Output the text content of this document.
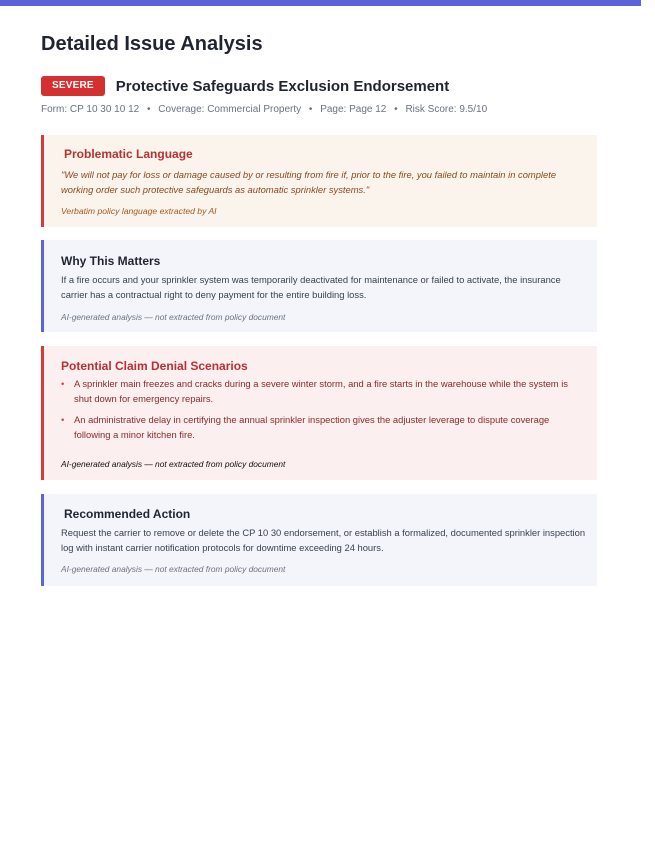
Detailed Issue Analysis
SEVERE	Protective Safeguards Exclusion Endorsement
Form: CP 10 30 10 12 • Coverage: Commercial Property • Page: Page 12 • Risk Score: 9.5/10
Problematic Language

"We will not pay for loss or damage caused by or resulting from fire if, prior to the fire, you failed to maintain in complete working order such protective safeguards as automatic sprinkler systems."

Verbatim policy language extracted by AI

Why This Matters

If a fire occurs and your sprinkler system was temporarily deactivated for maintenance or failed to activate, the insurance carrier has a contractual right to deny payment for the entire building loss.

AI-generated analysis — not extracted from policy document

Potential Claim Denial Scenarios
• A sprinkler main freezes and cracks during a severe winter storm, and a fire starts in the warehouse while the system is shut down for emergency repairs.
• An administrative delay in certifying the annual sprinkler inspection gives the adjuster leverage to dispute coverage following a minor kitchen fire.

AI-generated analysis — not extracted from policy document

Recommended Action

Request the carrier to remove or delete the CP 10 30 endorsement, or establish a formalized, documented sprinkler inspection log with instant carrier notification protocols for downtime exceeding 24 hours.

AI-generated analysis — not extracted from policy document
